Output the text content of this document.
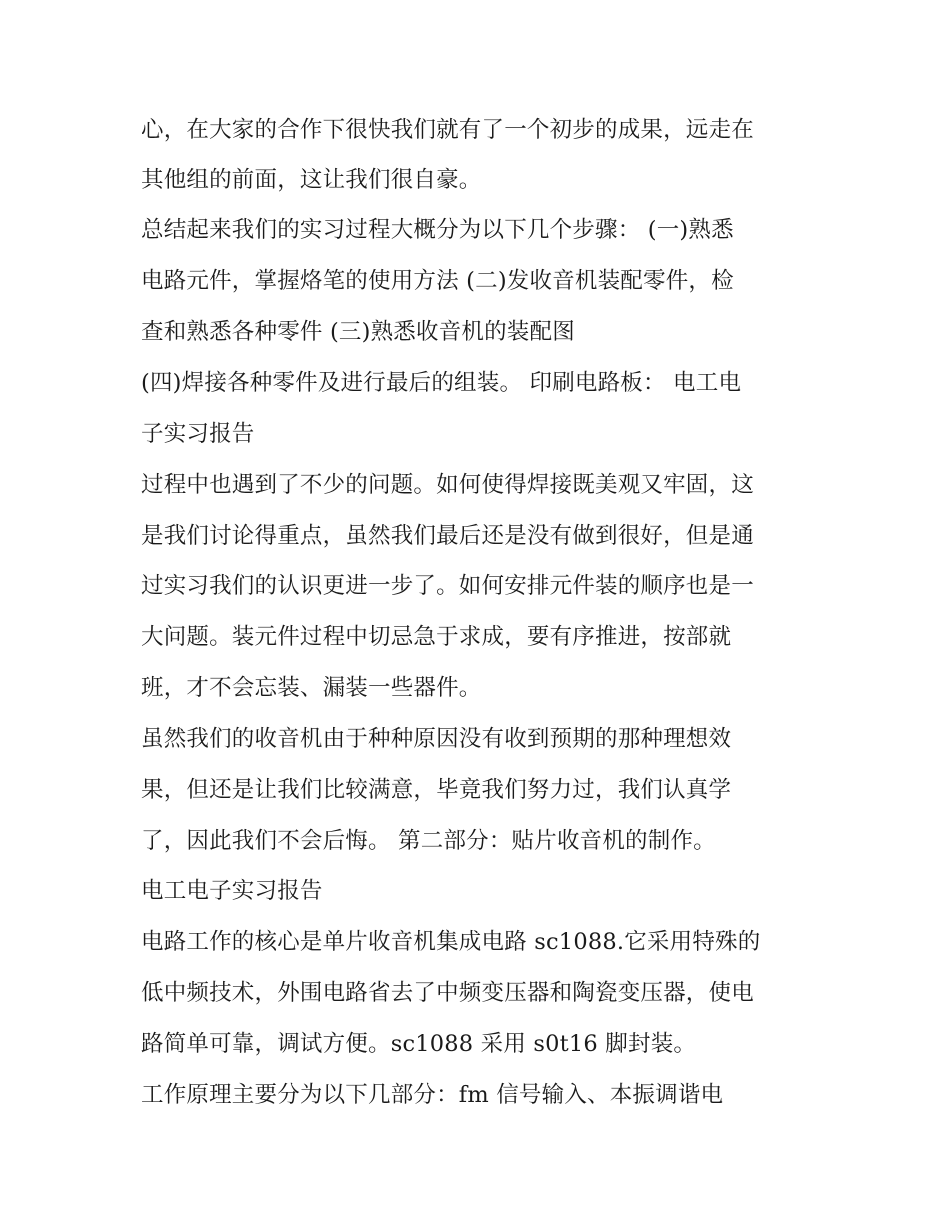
心，在大家的合作下很快我们就有了一个初步的成果，远走在
其他组的前面，这让我们很自豪。
总结起来我们的实习过程大概分为以下几个步骤： (一)熟悉
电路元件，掌握烙笔的使用方法 (二)发收音机装配零件，检
查和熟悉各种零件 (三)熟悉收音机的装配图
(四)焊接各种零件及进行最后的组装。 印刷电路板： 电工电
子实习报告
过程中也遇到了不少的问题。如何使得焊接既美观又牢固，这
是我们讨论得重点，虽然我们最后还是没有做到很好，但是通
过实习我们的认识更进一步了。如何安排元件装的顺序也是一
大问题。装元件过程中切忌急于求成，要有序推进，按部就
班，才不会忘装、漏装一些器件。
虽然我们的收音机由于种种原因没有收到预期的那种理想效
果，但还是让我们比较满意，毕竟我们努力过，我们认真学
了，因此我们不会后悔。 第二部分：贴片收音机的制作。
电工电子实习报告
电路工作的核心是单片收音机集成电路 sc1088.它采用特殊的
低中频技术，外围电路省去了中频变压器和陶瓷变压器，使电
路简单可靠，调试方便。sc1088 采用 s0t16 脚封装。
工作原理主要分为以下几部分：fm 信号输入、本振调谐电
